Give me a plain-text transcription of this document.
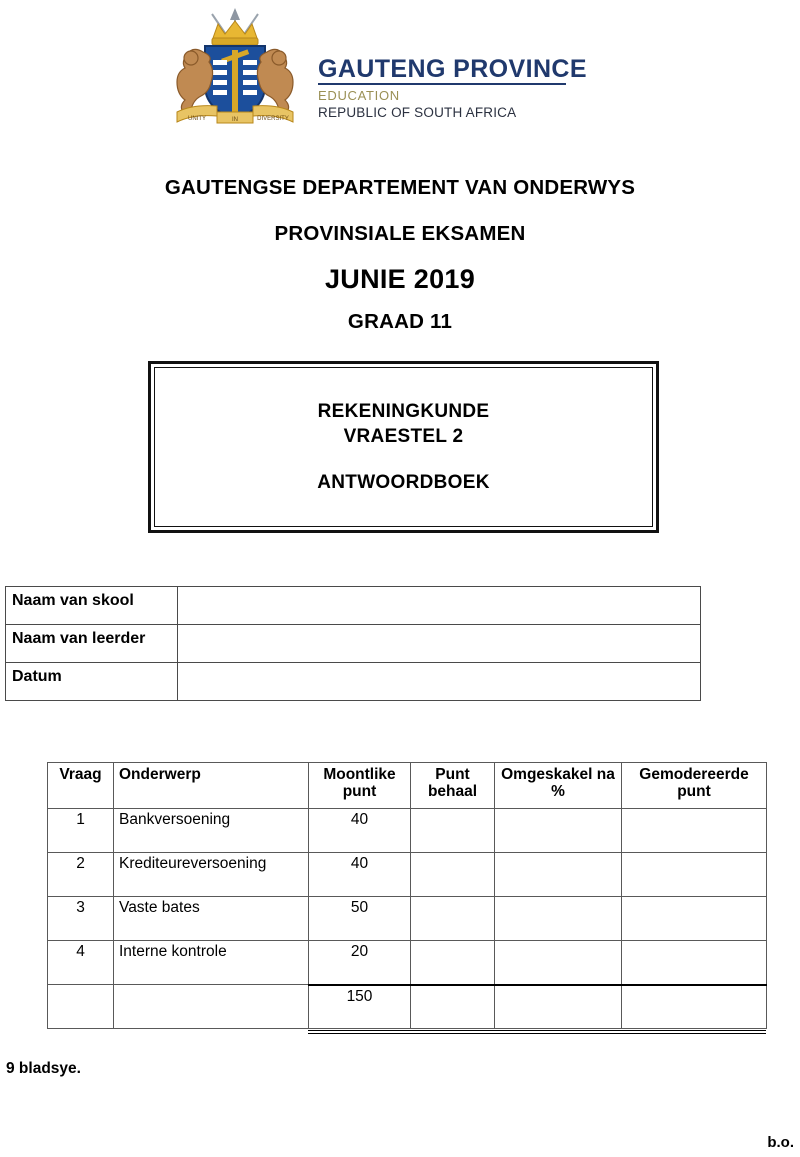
UNITY	IN	DIVERSITY
GAUTENG PROVINCE
EDUCATION
REPUBLIC OF SOUTH AFRICA
GAUTENGSE DEPARTEMENT VAN ONDERWYS
PROVINSIALE EKSAMEN
JUNIE 2019
GRAAD 11
REKENINGKUNDE
VRAESTEL 2
ANTWOORDBOEK
Naam van skool	
Naam van leerder	
Datum	
Vraag	Onderwerp	Moontlike punt	Punt behaal	Omgeskakel na %	Gemodereerde punt
1	Bankversoening	40			
2	Krediteureversoening	40			
3	Vaste bates	50			
4	Interne kontrole	20			
		150			
9 bladsye.
b.o.
